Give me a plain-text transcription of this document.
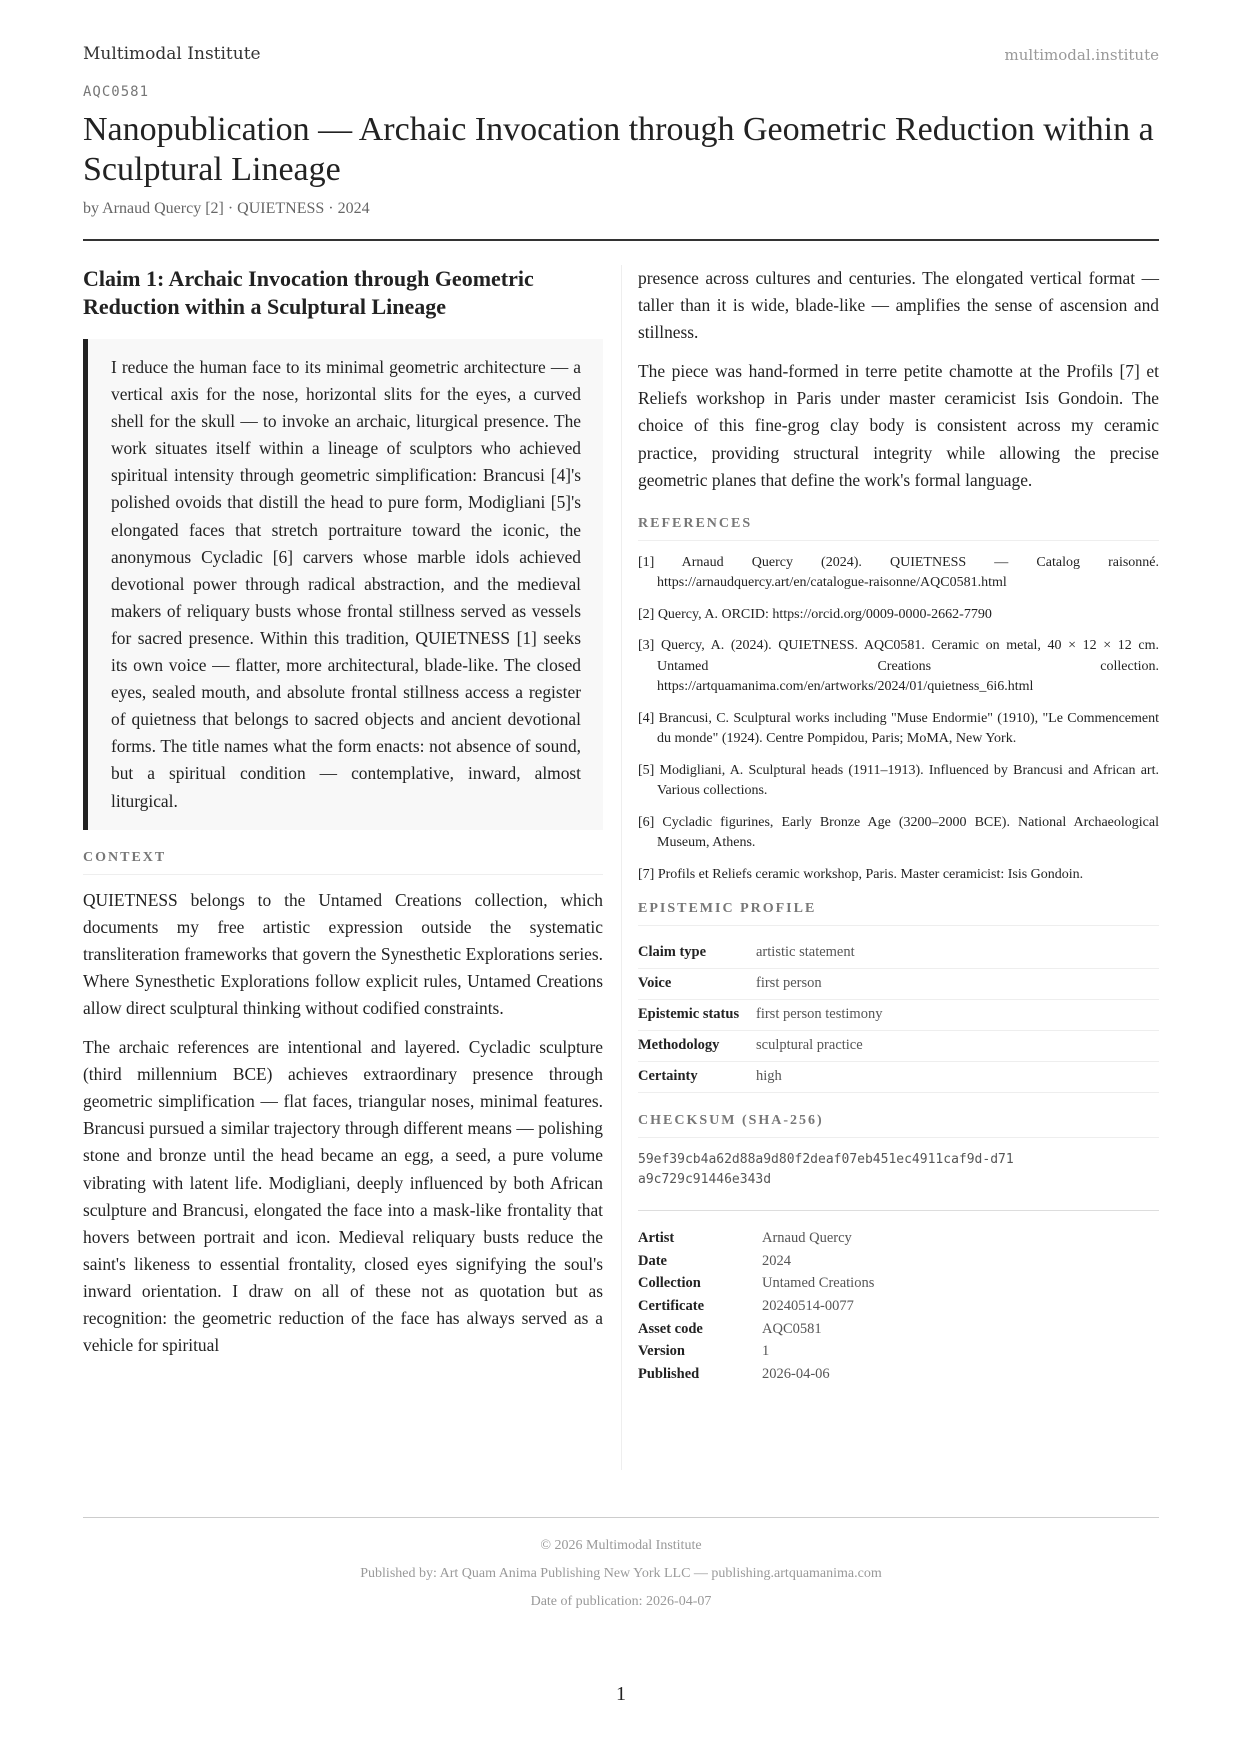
Multimodal Institute	multimodal.institute
AQC0581
Nanopublication — Archaic Invocation through Geometric Reduction within a Sculptural Lineage
by Arnaud Quercy [2] · QUIETNESS · 2024
Claim 1: Archaic Invocation through Geometric Reduction within a Sculptural Lineage
I reduce the human face to its minimal geometric architecture — a vertical axis for the nose, horizontal slits for the eyes, a curved shell for the skull — to invoke an archaic, liturgical presence. The work situates itself within a lineage of sculptors who achieved spiritual intensity through geometric simplification: Brancusi [4]'s polished ovoids that distill the head to pure form, Modigliani [5]'s elongated faces that stretch portraiture toward the iconic, the anonymous Cycladic [6] carvers whose marble idols achieved devotional power through radical abstraction, and the medieval makers of reliquary busts whose frontal stillness served as vessels for sacred presence. Within this tradition, QUIETNESS [1] seeks its own voice — flatter, more architectural, blade-like. The closed eyes, sealed mouth, and absolute frontal stillness access a register of quietness that belongs to sacred objects and ancient devotional forms. The title names what the form enacts: not absence of sound, but a spiritual condition — contemplative, inward, almost liturgical.
CONTEXT

QUIETNESS belongs to the Untamed Creations collection, which documents my free artistic expression outside the systematic transliteration frameworks that govern the Synesthetic Explorations series. Where Synesthetic Explorations follow explicit rules, Untamed Creations allow direct sculptural thinking without codified constraints.

The archaic references are intentional and layered. Cycladic sculpture (third millennium BCE) achieves extraordinary presence through geometric simplification — flat faces, triangular noses, minimal features. Brancusi pursued a similar trajectory through different means — polishing stone and bronze until the head became an egg, a seed, a pure volume vibrating with latent life. Modigliani, deeply influenced by both African sculpture and Brancusi, elongated the face into a mask-like frontality that hovers between portrait and icon. Medieval reliquary busts reduce the saint's likeness to essential frontality, closed eyes signifying the soul's inward orientation. I draw on all of these not as quotation but as recognition: the geometric reduction of the face has always served as a vehicle for spiritual

presence across cultures and centuries. The elongated vertical format — taller than it is wide, blade-like — amplifies the sense of ascension and stillness.

The piece was hand-formed in terre petite chamotte at the Profils [7] et Reliefs workshop in Paris under master ceramicist Isis Gondoin. The choice of this fine-grog clay body is consistent across my ceramic practice, providing structural integrity while allowing the precise geometric planes that define the work's formal language.

REFERENCES
[1] Arnaud Quercy (2024). QUIETNESS — Catalog raisonné. https://arnaudquercy.art/en/catalogue-raisonne/AQC0581.html
[2] Quercy, A. ORCID: https://orcid.org/0009-0000-2662-7790
[3] Quercy, A. (2024). QUIETNESS. AQC0581. Ceramic on metal, 40 × 12 × 12 cm. Untamed Creations collection. https://artquamanima.com/en/artworks/2024/01/quietness_6i6.html
[4] Brancusi, C. Sculptural works including "Muse Endormie" (1910), "Le Commencement du monde" (1924). Centre Pompidou, Paris; MoMA, New York.
[5] Modigliani, A. Sculptural heads (1911–1913). Influenced by Brancusi and African art. Various collections.
[6] Cycladic figurines, Early Bronze Age (3200–2000 BCE). National Archaeological Museum, Athens.
[7] Profils et Reliefs ceramic workshop, Paris. Master ceramicist: Isis Gondoin.
EPISTEMIC PROFILE
Claim type	artistic statement
Voice	first person
Epistemic status	first person testimony
Methodology	sculptural practice
Certainty	high
CHECKSUM (SHA-256)
59ef39cb4a62d88a9d80f2deaf07eb451ec4911caf9d-d71a9c729c91446e343d
Artist	Arnaud Quercy
Date	2024
Collection	Untamed Creations
Certificate	20240514-0077
Asset code	AQC0581
Version	1
Published	2026-04-06
© 2026 Multimodal Institute
Published by: Art Quam Anima Publishing New York LLC — publishing.artquamanima.com
Date of publication: 2026-04-07
1
